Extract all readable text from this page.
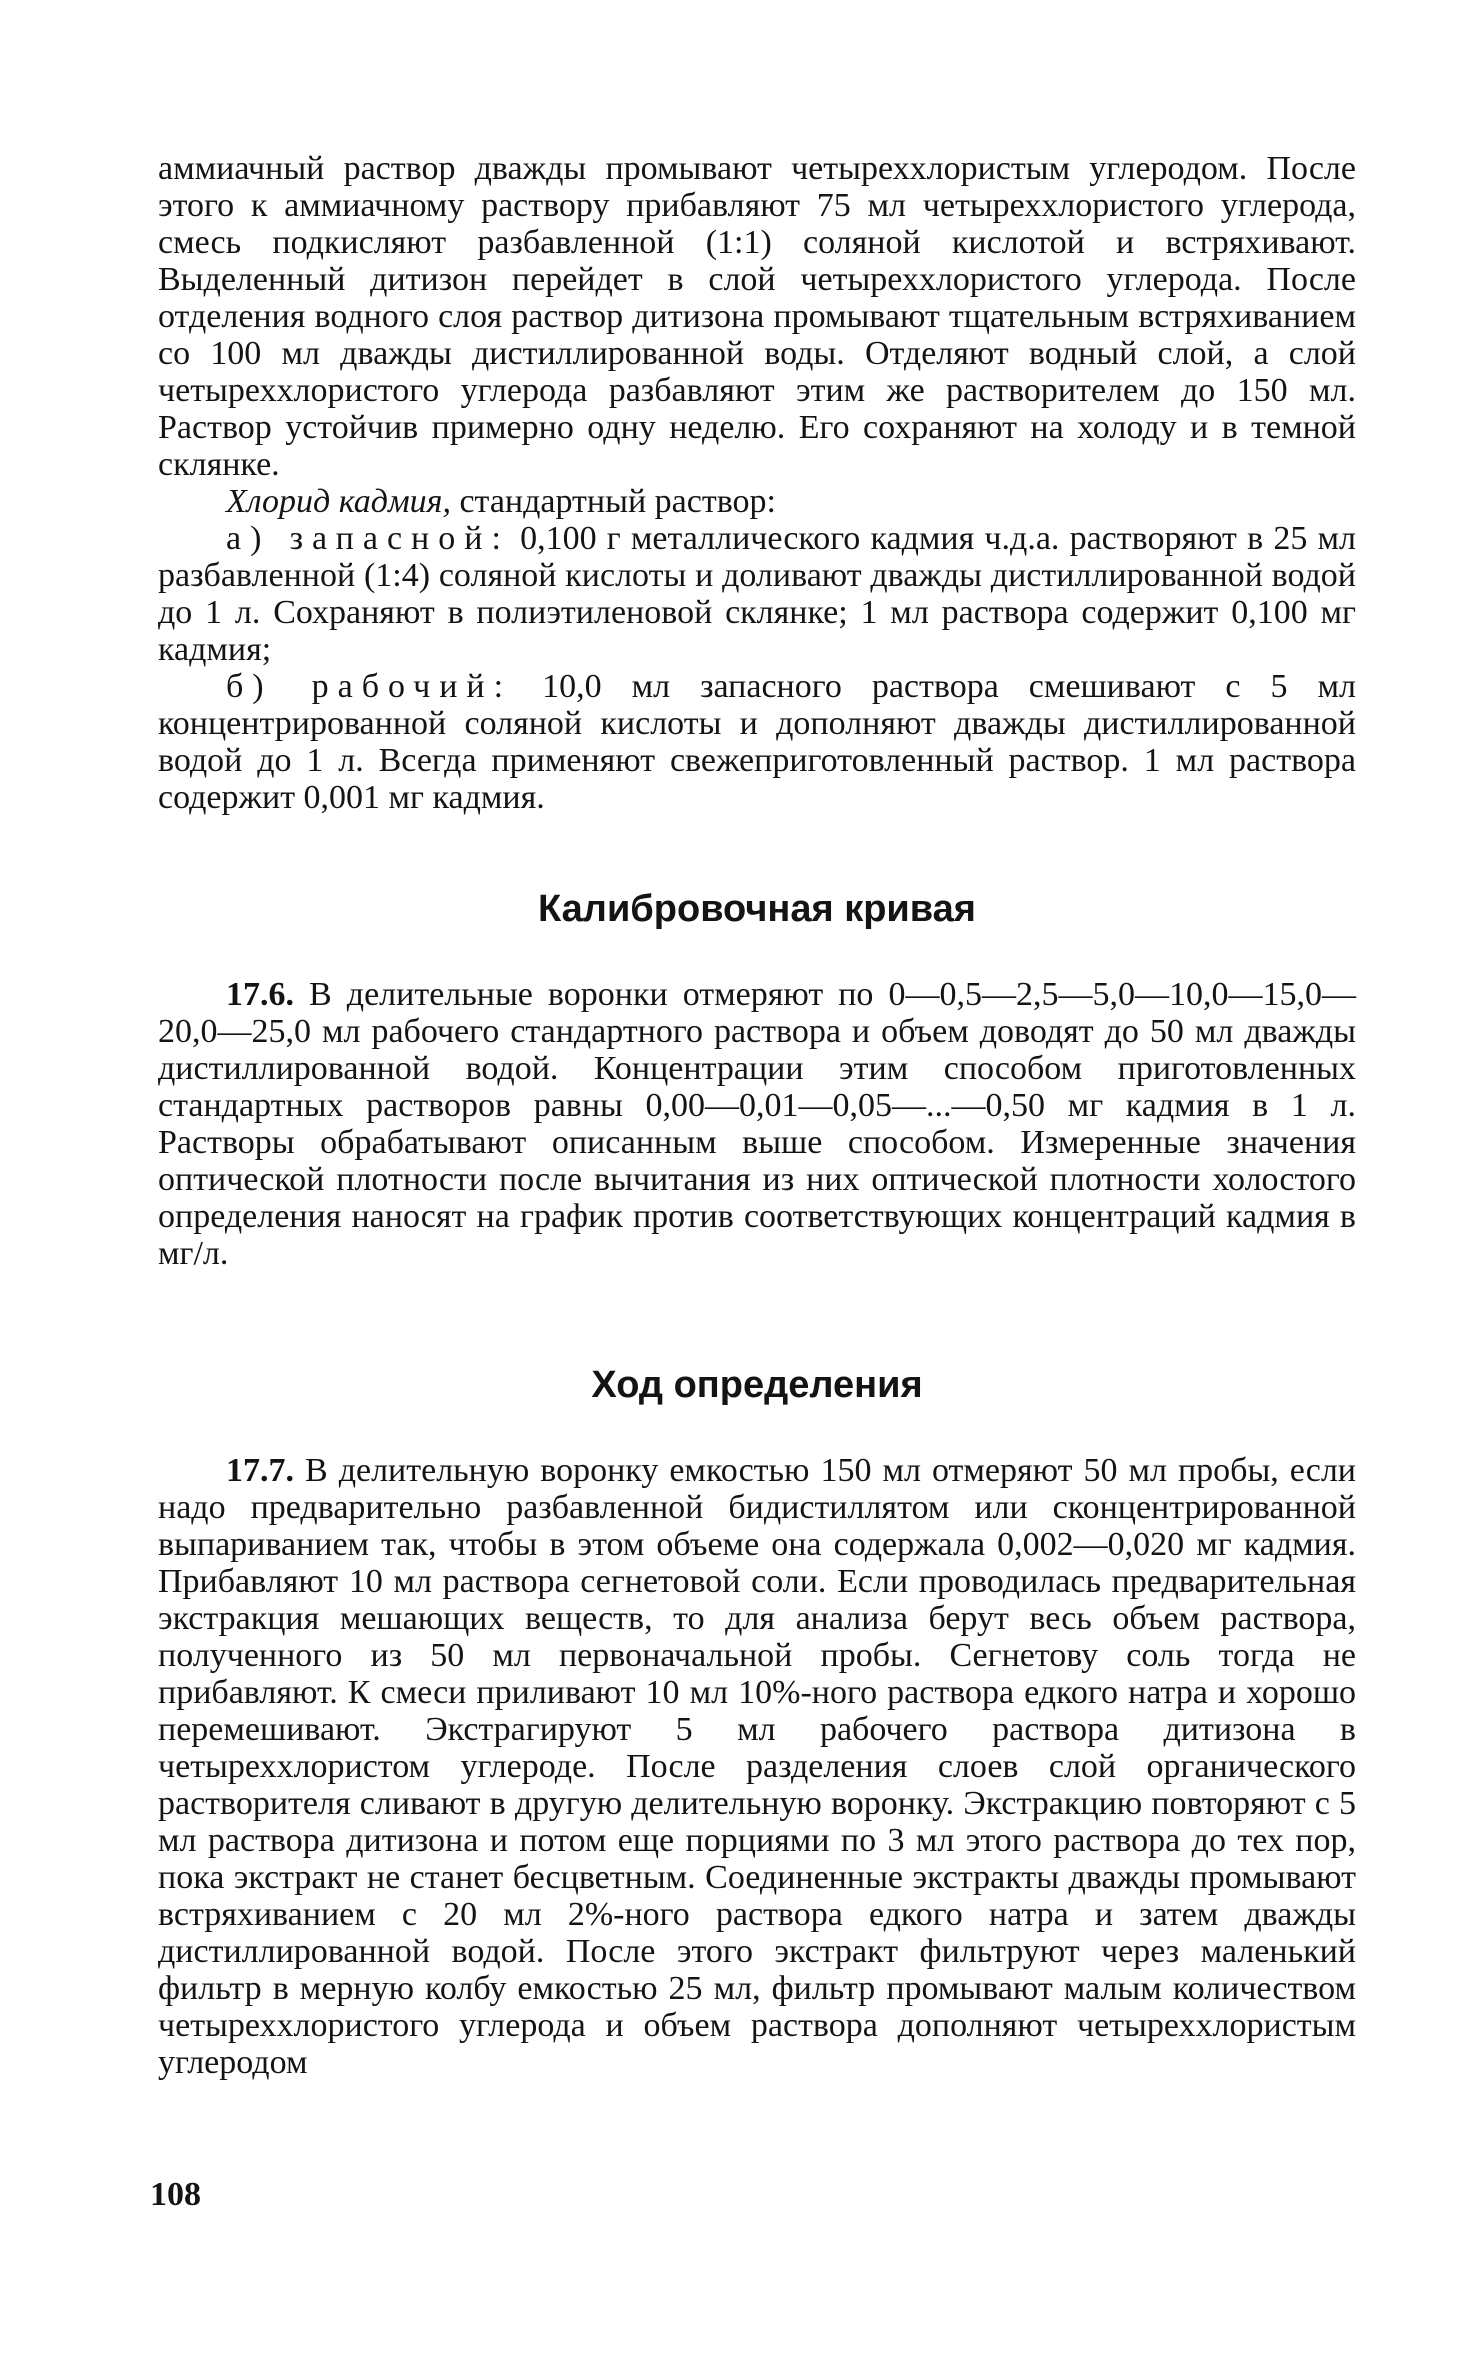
аммиачный раствор дважды промывают четыреххлористым углеродом. После этого к аммиачному раствору прибавляют 75 мл четыреххлористого углерода, смесь подкисляют разбавленной (1:1) соляной кислотой и встряхивают. Выделенный дитизон перейдет в слой четыреххлористого углерода. После отделения водного слоя раствор дитизона промывают тщательным встряхиванием со 100 мл дважды дистиллированной воды. Отделяют водный слой, а слой четыреххлористого углерода разбавляют этим же растворителем до 150 мл. Раствор устойчив примерно одну неделю. Его сохраняют на холоду и в темной склянке.

Хлорид кадмия, стандартный раствор:

а) запасной: 0,100 г металлического кадмия ч.д.а. растворяют в 25 мл разбавленной (1:4) соляной кислоты и доливают дважды дистиллированной водой до 1 л. Сохраняют в полиэтиленовой склянке; 1 мл раствора содержит 0,100 мг кадмия;

б) рабочий: 10,0 мл запасного раствора смешивают с 5 мл концентрированной соляной кислоты и дополняют дважды дистиллированной водой до 1 л. Всегда применяют свежеприготовленный раствор. 1 мл раствора содержит 0,001 мг кадмия.

Калибровочная кривая

17.6. В делительные воронки отмеряют по 0—0,5—2,5—5,0—10,0—15,0—20,0—25,0 мл рабочего стандартного раствора и объем доводят до 50 мл дважды дистиллированной водой. Концентрации этим способом приготовленных стандартных растворов равны 0,00—0,01—0,05—...—0,50 мг кадмия в 1 л. Растворы обрабатывают описанным выше способом. Измеренные значения оптической плотности после вычитания из них оптической плотности холостого определения наносят на график против соответствующих концентраций кадмия в мг/л.

Ход определения

17.7. В делительную воронку емкостью 150 мл отмеряют 50 мл пробы, если надо предварительно разбавленной бидистиллятом или сконцентрированной выпариванием так, чтобы в этом объеме она содержала 0,002—0,020 мг кадмия. Прибавляют 10 мл раствора сегнетовой соли. Если проводилась предварительная экстракция мешающих веществ, то для анализа берут весь объем раствора, полученного из 50 мл первоначальной пробы. Сегнетову соль тогда не прибавляют. К смеси приливают 10 мл 10%-ного раствора едкого натра и хорошо перемешивают. Экстрагируют 5 мл рабочего раствора дитизона в четыреххлористом углероде. После разделения слоев слой органического растворителя сливают в другую делительную воронку. Экстракцию повторяют с 5 мл раствора дитизона и потом еще порциями по 3 мл этого раствора до тех пор, пока экстракт не станет бесцветным. Соединенные экстракты дважды промывают встряхиванием с 20 мл 2%-ного раствора едкого натра и затем дважды дистиллированной водой. После этого экстракт фильтруют через маленький фильтр в мерную колбу емкостью 25 мл, фильтр промывают малым количеством четыреххлористого углерода и объем раствора дополняют четыреххлористым углеродом

108
